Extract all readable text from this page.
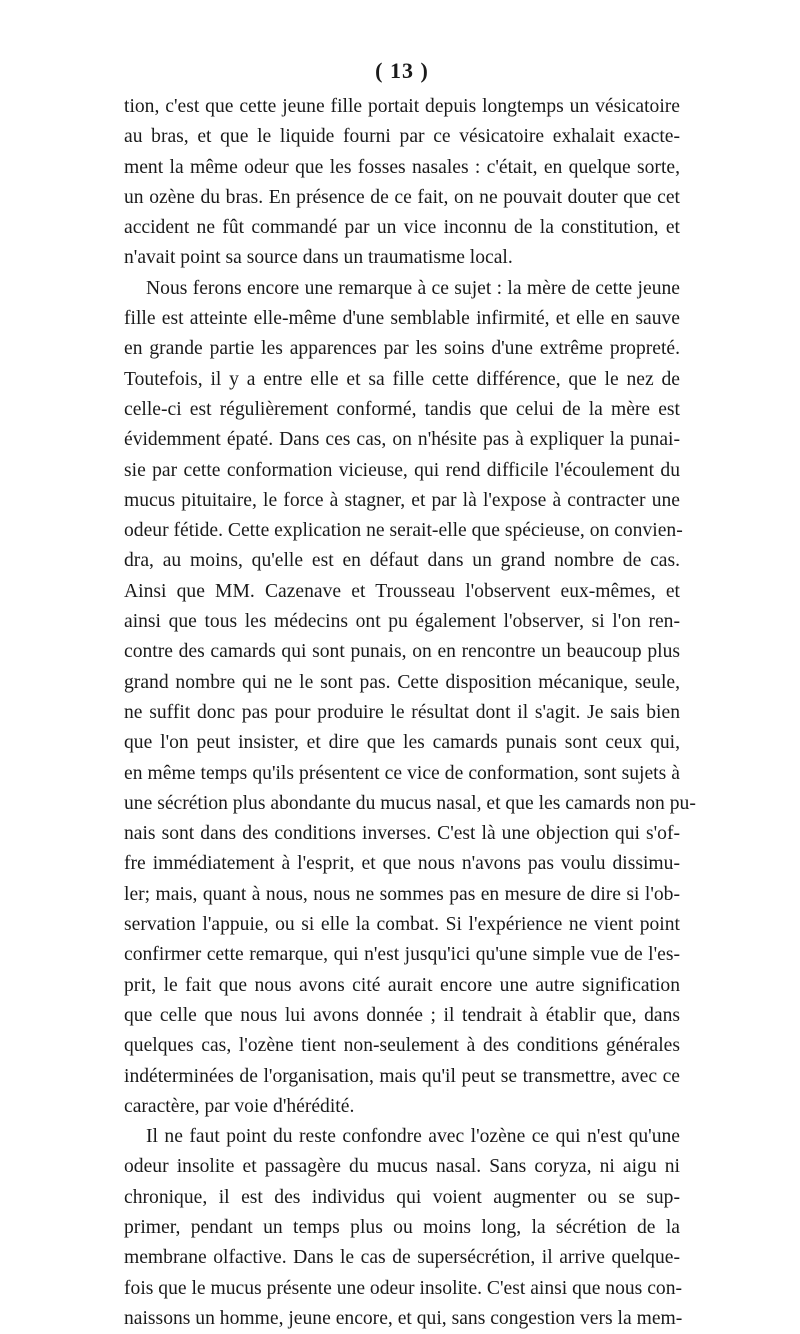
( 13 )

tion, c'est que cette jeune fille portait depuis longtemps un vésicatoire
au bras, et que le liquide fourni par ce vésicatoire exhalait exacte-
ment la même odeur que les fosses nasales : c'était, en quelque sorte,
un ozène du bras. En présence de ce fait, on ne pouvait douter que cet
accident ne fût commandé par un vice inconnu de la constitution, et
n'avait point sa source dans un traumatisme local.

Nous ferons encore une remarque à ce sujet : la mère de cette jeune
fille est atteinte elle-même d'une semblable infirmité, et elle en sauve
en grande partie les apparences par les soins d'une extrême propreté.
Toutefois, il y a entre elle et sa fille cette différence, que le nez de
celle-ci est régulièrement conformé, tandis que celui de la mère est
évidemment épaté. Dans ces cas, on n'hésite pas à expliquer la punai-
sie par cette conformation vicieuse, qui rend difficile l'écoulement du
mucus pituitaire, le force à stagner, et par là l'expose à contracter une
odeur fétide. Cette explication ne serait-elle que spécieuse, on convien-
dra, au moins, qu'elle est en défaut dans un grand nombre de cas.
Ainsi que MM. Cazenave et Trousseau l'observent eux-mêmes, et
ainsi que tous les médecins ont pu également l'observer, si l'on ren-
contre des camards qui sont punais, on en rencontre un beaucoup plus
grand nombre qui ne le sont pas. Cette disposition mécanique, seule,
ne suffit donc pas pour produire le résultat dont il s'agit. Je sais bien
que l'on peut insister, et dire que les camards punais sont ceux qui,
en même temps qu'ils présentent ce vice de conformation, sont sujets à
une sécrétion plus abondante du mucus nasal, et que les camards non pu-
nais sont dans des conditions inverses. C'est là une objection qui s'of-
fre immédiatement à l'esprit, et que nous n'avons pas voulu dissimu-
ler; mais, quant à nous, nous ne sommes pas en mesure de dire si l'ob-
servation l'appuie, ou si elle la combat. Si l'expérience ne vient point
confirmer cette remarque, qui n'est jusqu'ici qu'une simple vue de l'es-
prit, le fait que nous avons cité aurait encore une autre signification
que celle que nous lui avons donnée ; il tendrait à établir que, dans
quelques cas, l'ozène tient non-seulement à des conditions générales
indéterminées de l'organisation, mais qu'il peut se transmettre, avec ce
caractère, par voie d'hérédité.

Il ne faut point du reste confondre avec l'ozène ce qui n'est qu'une
odeur insolite et passagère du mucus nasal. Sans coryza, ni aigu ni
chronique, il est des individus qui voient augmenter ou se sup-
primer, pendant un temps plus ou moins long, la sécrétion de la
membrane olfactive. Dans le cas de supersécrétion, il arrive quelque-
fois que le mucus présente une odeur insolite. C'est ainsi que nous con-
naissons un homme, jeune encore, et qui, sans congestion vers la mem-
